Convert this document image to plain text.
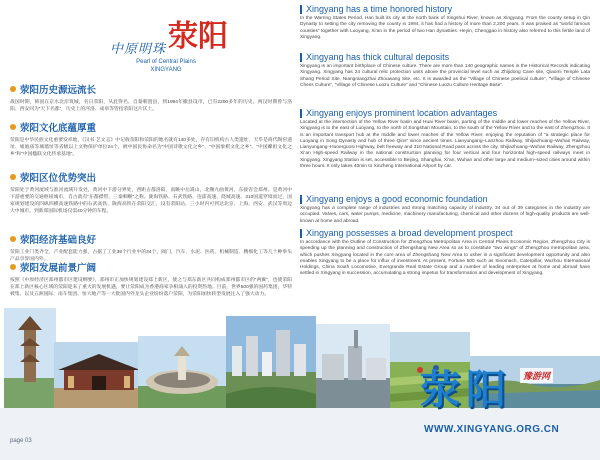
中原明珠 荥阳
Pearl of Central Plains
XINGYANG
荥阳历史源远流长
战国时期，韩国在京水北岸筑城，名曰荥阳，从此得名。自秦朝置县，到1994年撤县设市，已有2200多年的历史，两汉时期曾与洛阳、西安同为“天下名都”，历史上的河洛、成皋等皆指荥阳这片沃土。
荥阳文化底蕴厚重
荥阳是中华民族文化重要发祥地，《汉书·艺文志》中记载荥阳和荥阳的地名就有140多处，存有旧机构古人类遗址，天毕是商代陶窑遗址、娘娘庙等城墙址等省级以上文物保护单位24个，被中国民协命名为“中国诗歌文化之乡”、“中国象棋文化之乡”、“中国嫘祖文化之乡”和“中国楹联文化传承基地”。
荥阳区位优势突出
荥阳处于黄河流域与淮河流域开发处，黄河中下游分界处，西距古都洛阳，南眺中岳嵩山，北濒九曲黄河，东接省会郑州。是黄河中下游重要的交通枢纽城市，自古就有“东都襟带，三秦咽喉”之称。陇海铁路、石武铁路、连霍高速、绕城高速、310国道穿境而过，国家规划建设的四纵四横高速铁路中的石武高铁、陇海高铁在荥阳交汇，设有荥阳站，三小时内可到达北京、上海、西安、武汉等周边大中城市。到新郑国际机场仅需40分钟的车程。
荥阳经济基础良好
荥阳工业门类齐全，产业配套能力强，占据了工业39个行业中的34个，阀门、汽车、水泥、医药、机械制造、精细化工等几十种拳头产品享誉国内外。
荥阳发展前景广阔
按照《中原经济区郑州都市区建设纲要》，郑州市正加快规划建设郑上新区，使之与郑东新区共同构成郑州都市区的“两翼”，也使荥阳在郑上新区核心区域的荥阳迎来了重大的发展机遇，要让荥阳成为香港商家争相涌入的投资热地。目前，世界500强的国药集团，华特被集、以及五洲国际、南车集团、恒大地产等一大批国内外龙头企业纷纷落户荥阳，为荥阳加快转型发展注入了强大动力。
Xingyang has a time honored history
In the Warring States Period, Han built its city at the north bank of Xingshui River, known as Xingyang. From the county setup in Qin Dynasty to setting the city removing the county in 1994, it has had a history of more than 2,200 years. It was praised as “world famous counties” together with Luoyang, Xi’an in the period of two Han dynasties. Heyin, Chenggao in history also referred to this fertile land of Xingyang.
Xingyang has thick cultural deposits
Xingyang is an important birthplace of Chinese culture. There are more than 140 geographic names in the Historical Records indicating Xingyang. Xingyang has 24 cultural relic protection units above the provincial level such as Zhijidong Cave site, Qiaomi Temple Lata Shang Period Site, Niangniangzhai Zhouwang Site, etc. It is awarded as the “Village of Chinese poetical culture”, “Village of Chinese Chess Culture”, “Village of Chinese Luozu Culture” and “Chinese Luozu Culture Heritage Base”.
Xingyang enjoys prominent location advantages
Located at the intersection of the Yellow River basin and Huai River basin, parting of the middle and lower reaches of the Yellow River, Xingyang is to the east of Luoyang, to the north of Songshan Mountain, to the south of the Yellow River and to the east of Zhengzhou. It is an important transport hub at the middle and lower reaches of the Yellow River, enjoying the reputation of “a strategic place for Luoyang in Song Dynasty and hub of three Qins” since ancient times. Lianyungang–Lanzhou Railway, Shijiazhuang–Wuhan Railway, Lianyungang–Huoerguosi Highway, belt freeway and 310 National Road pass across the city. Shijiazhuang–Wuhan Railway, Zhengzhou Xi’an High-speed Railway in the national construction planning for four vertical and four horizontal high-speed railways meet in Xingyang. Xingyang Station is set, accessible to Beijing, Shanghai, Xi’an, Wuhan and other large and medium–sized cities around within three hours. It only takes 40min to Xinzheng International Airport by car.
Xingyang enjoys a good economic foundation
Xingyang has a complete range of industries and strong matching capacity of industry, 34 out of 39 categories in the industry are occupied. Valves, cars, water pumps, medicine, machinery manufacturing, chemical and other dozens of high-quality products are well-known at home and abroad.
Xingyang possesses a broad development prospect
In accordance with the Outline of Construction for Zhengzhou Metropolitan Area in Central Plains Economic Region, Zhengzhou City is speeding up the planning and construction of Zhengshang New Area so as to constitute “two wings” of Zhengzhou metropolitan area, which pushes Xingyang located in the core area of Zhengshang New Area to usher in a significant development opportunity and also enables Xingyang to be a place for influx of investment. At present, Fortune 500 such as Sinomach, Caterpillar, Wuzhou International Holdings, China South Locomotive, Evergrande Real Estate Group and a number of leading enterprises at home and abroad have settled in Xingyang in succession, accumulating a strong impetus for transformation and development of Xingyang.
page 03
荥阳	豫游网
WWW.XINGYANG.ORG.CN
